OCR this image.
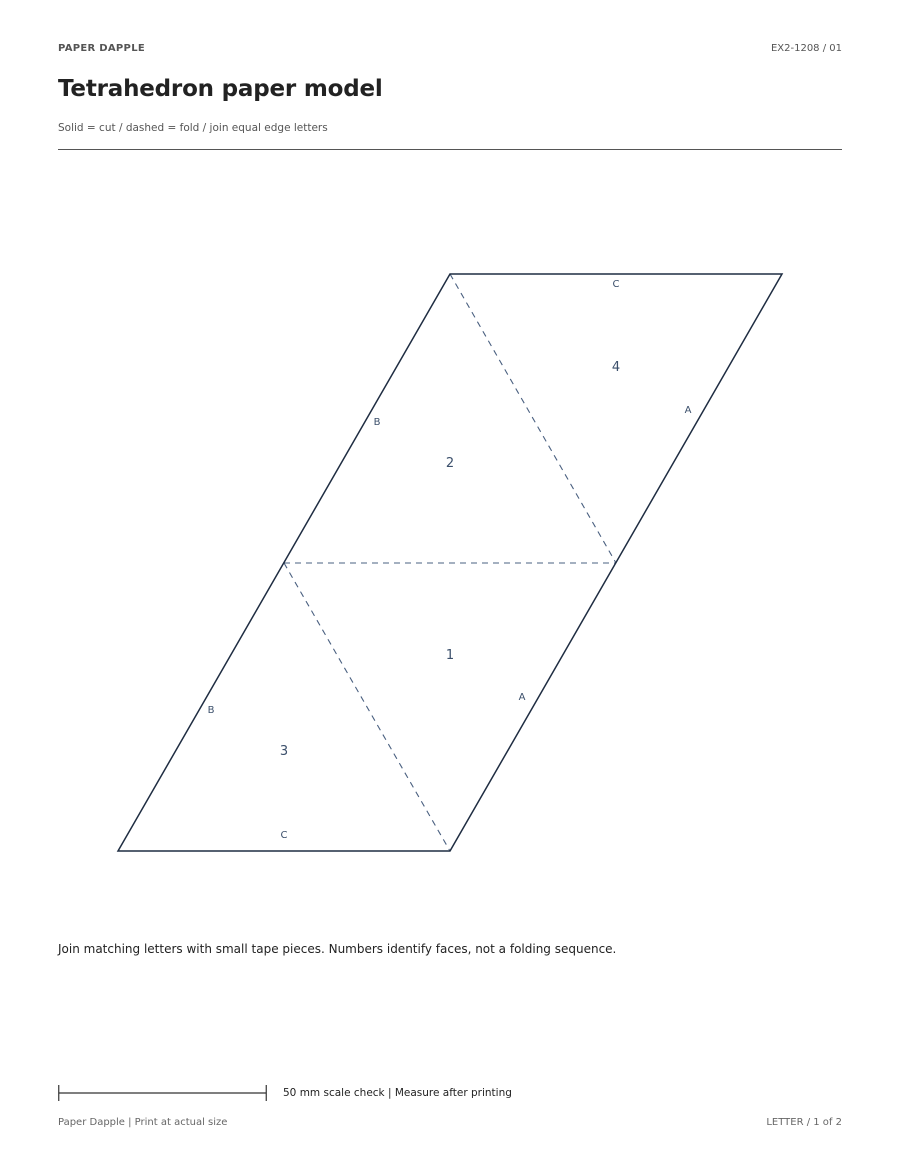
PAPER DAPPLE	EX2-1208 / 01
Tetrahedron paper model
Solid = cut / dashed = fold / join equal edge letters
C
A
B
A
B
C
4
2
1
3
Join matching letters with small tape pieces. Numbers identify faces, not a folding sequence.
50 mm scale check | Measure after printing
Paper Dapple | Print at actual size	LETTER / 1 of 2
